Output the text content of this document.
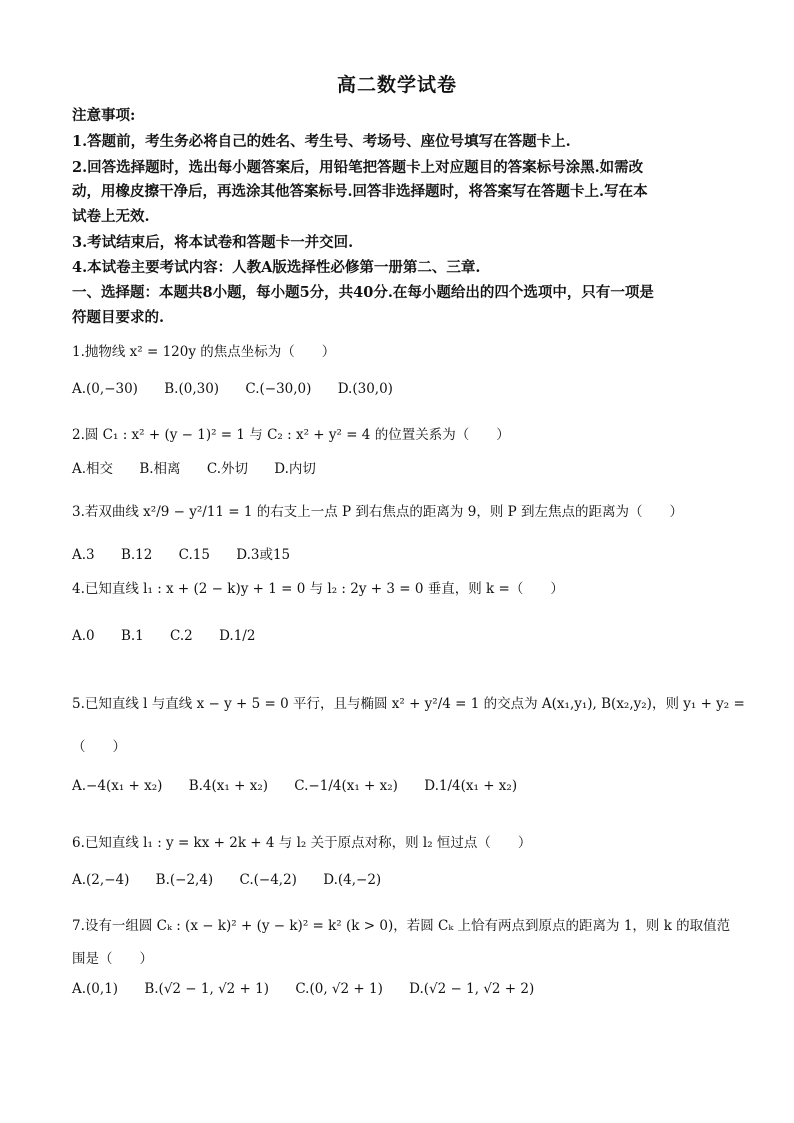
高二数学试卷
注意事项:
1.答题前，考生务必将自己的姓名、考生号、考场号、座位号填写在答题卡上.
2.回答选择题时，选出每小题答案后，用铅笔把答题卡上对应题目的答案标号涂黑.如需改
动，用橡皮擦干净后，再选涂其他答案标号.回答非选择题时，将答案写在答题卡上.写在本
试卷上无效.
3.考试结束后，将本试卷和答题卡一并交回.
4.本试卷主要考试内容：人教A版选择性必修第一册第二、三章.
一、选择题：本题共8小题，每小题5分，共40分.在每小题给出的四个选项中，只有一项是
符题目要求的.
1.抛物线 x² = 120y 的焦点坐标为（　　）
A.(0,−30) B.(0,30) C.(−30,0) D.(30,0)
2.圆 C₁ : x² + (y − 1)² = 1 与 C₂ : x² + y² = 4 的位置关系为（　　）
A.相交 B.相离 C.外切 D.内切
3.若双曲线 x²/9 − y²/11 = 1 的右支上一点 P 到右焦点的距离为 9，则 P 到左焦点的距离为（　　）
A.3 B.12 C.15 D.3或15
4.已知直线 l₁ : x + (2 − k)y + 1 = 0 与 l₂ : 2y + 3 = 0 垂直，则 k =（　　）
A.0 B.1 C.2 D.1/2
5.已知直线 l 与直线 x − y + 5 = 0 平行，且与椭圆 x² + y²/4 = 1 的交点为 A(x₁,y₁), B(x₂,y₂)，则 y₁ + y₂ =
（　　）
A.−4(x₁ + x₂) B.4(x₁ + x₂) C.−1/4(x₁ + x₂) D.1/4(x₁ + x₂)
6.已知直线 l₁ : y = kx + 2k + 4 与 l₂ 关于原点对称，则 l₂ 恒过点（　　）
A.(2,−4) B.(−2,4) C.(−4,2) D.(4,−2)
7.设有一组圆 Cₖ : (x − k)² + (y − k)² = k² (k > 0)，若圆 Cₖ 上恰有两点到原点的距离为 1，则 k 的取值范
围是（　　）
A.(0,1) B.(√2 − 1, √2 + 1) C.(0, √2 + 1) D.(√2 − 1, √2 + 2)
